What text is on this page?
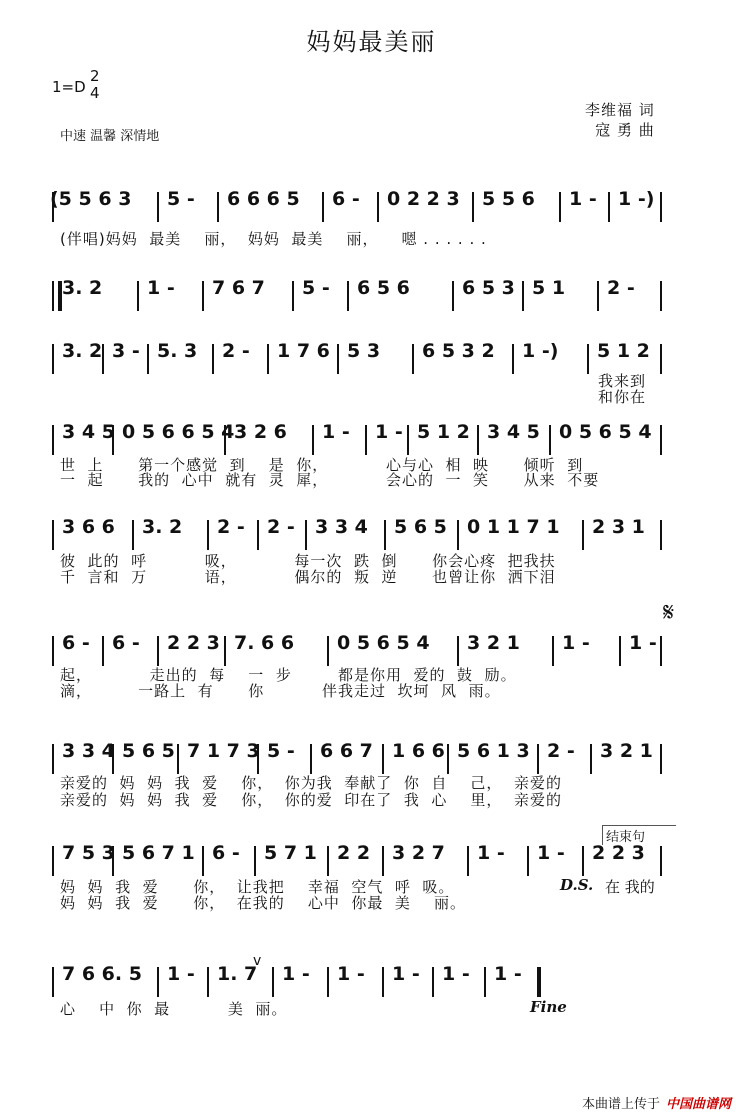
妈妈最美丽
1=D
2
4
中速 温馨 深情地
李维福 词
寇 勇 曲
(5 5 6 3 5 - 6 6 6 5 6 - 0 2 2 3 5 5 6 1 - 1 -)
(伴唱)妈妈  最美    丽，  妈妈  最美    丽，    嗯 . . . . . .
3. 2 1 - 7 6 7 5 - 6 5 6	6 5 3 5 1 2 -
3. 2 3 - 5. 3 2 - 1 7 6 5 3 6 5 3 2 1 -) 5 1 2
我来到
和你在
3 4 5 0 5 6 6 5 4 3 2 6 1 - 1 - 5 1 2 3 4 5 0 5 6 5 4
世  上      第一个感觉  到    是  你，          心与心  相  映      倾听  到
一  起      我的  心中  就有  灵  犀，          会心的  一  笑      从来  不要
3 6 6 3. 2 2 - 2 - 3 3 4 5 6 5 0 1 1 7 1 2 3 1
彼  此的  呼          吸，          每一次  跌  倒      你会心疼  把我扶
千  言和  万          语，          偶尔的  叛  逆      也曾让你  洒下泪
6 - 6 - 2 2 3 7. 6 6 0 5 6 5 4 3 2 1 1 - 1 -
起，          走出的  每    一  步        都是你用  爱的  鼓  励。
滴，        一路上  有      你          伴我走过  坎坷  风  雨。
3 3 4 5 6 5 7 1 7 3 5 - 6 6 7 1 6 6 5 6 1 3 2 - 3 2 1
亲爱的  妈  妈  我  爱    你，  你为我  奉献了  你  自    己，  亲爱的
亲爱的  妈  妈  我  爱    你，  你的爱  印在了  我  心    里，  亲爱的
7 5 3 5 6 7 1 6 - 5 7 1 2 2 3 2 7 1 - 1 - 2 2 3
妈  妈  我  爱      你，  让我把    幸福  空气  呼  吸。
妈  妈  我  爱      你，  在我的    心中  你最  美    丽。
结束句
D.S. 在 我的
7 6 6. 5 1 - 1. 7 1 - 1 - 1 - 1 - 1 -
心    中  你  最          美  丽。	Fine
𝄋
v
本曲谱上传于 中国曲谱网
